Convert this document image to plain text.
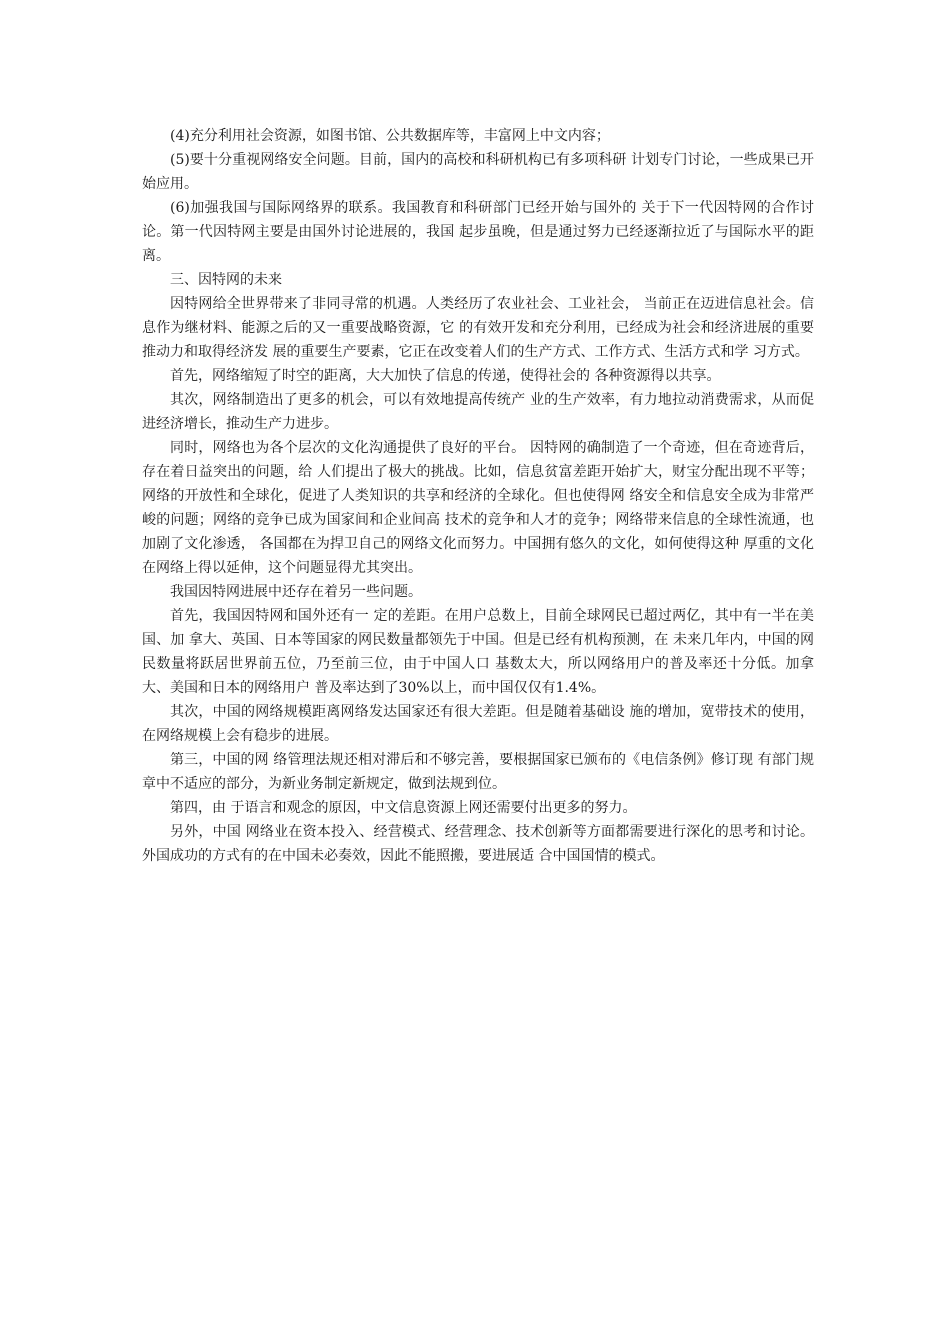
(4)充分利用社会资源，如图书馆、公共数据库等，丰富网上中文内容；

(5)要十分重视网络安全问题。目前，国内的高校和科研机构已有多项科研 计划专门讨论，一些成果已开始应用。

(6)加强我国与国际网络界的联系。我国教育和科研部门已经开始与国外的 关于下一代因特网的合作讨论。第一代因特网主要是由国外讨论进展的，我国 起步虽晚，但是通过努力已经逐渐拉近了与国际水平的距离。

三、因特网的未来

因特网给全世界带来了非同寻常的机遇。人类经历了农业社会、工业社会， 当前正在迈进信息社会。信息作为继材料、能源之后的又一重要战略资源，它 的有效开发和充分利用，已经成为社会和经济进展的重要推动力和取得经济发 展的重要生产要素，它正在改变着人们的生产方式、工作方式、生活方式和学 习方式。

首先，网络缩短了时空的距离，大大加快了信息的传递，使得社会的 各种资源得以共享。

其次，网络制造出了更多的机会，可以有效地提高传统产 业的生产效率，有力地拉动消费需求，从而促进经济增长，推动生产力进步。

同时，网络也为各个层次的文化沟通提供了良好的平台。 因特网的确制造了一个奇迹，但在奇迹背后，存在着日益突出的问题，给 人们提出了极大的挑战。比如，信息贫富差距开始扩大，财宝分配出现不平等； 网络的开放性和全球化，促进了人类知识的共享和经济的全球化。但也使得网 络安全和信息安全成为非常严峻的问题；网络的竞争已成为国家间和企业间高 技术的竞争和人才的竞争；网络带来信息的全球性流通，也加剧了文化渗透， 各国都在为捍卫自己的网络文化而努力。中国拥有悠久的文化，如何使得这种 厚重的文化在网络上得以延伸，这个问题显得尤其突出。

我国因特网进展中还存在着另一些问题。

首先，我国因特网和国外还有一 定的差距。在用户总数上，目前全球网民已超过两亿，其中有一半在美国、加 拿大、英国、日本等国家的网民数量都领先于中国。但是已经有机构预测，在 未来几年内，中国的网民数量将跃居世界前五位，乃至前三位，由于中国人口 基数太大，所以网络用户的普及率还十分低。加拿大、美国和日本的网络用户 普及率达到了30%以上，而中国仅仅有1.4%。

其次，中国的网络规模距离网络发达国家还有很大差距。但是随着基础设 施的增加，宽带技术的使用，在网络规模上会有稳步的进展。

第三，中国的网 络管理法规还相对滞后和不够完善，要根据国家已颁布的《电信条例》修订现 有部门规章中不适应的部分，为新业务制定新规定，做到法规到位。

第四，由 于语言和观念的原因，中文信息资源上网还需要付出更多的努力。

另外，中国 网络业在资本投入、经营模式、经营理念、技术创新等方面都需要进行深化的思考和讨论。外国成功的方式有的在中国未必奏效，因此不能照搬，要进展适 合中国国情的模式。
